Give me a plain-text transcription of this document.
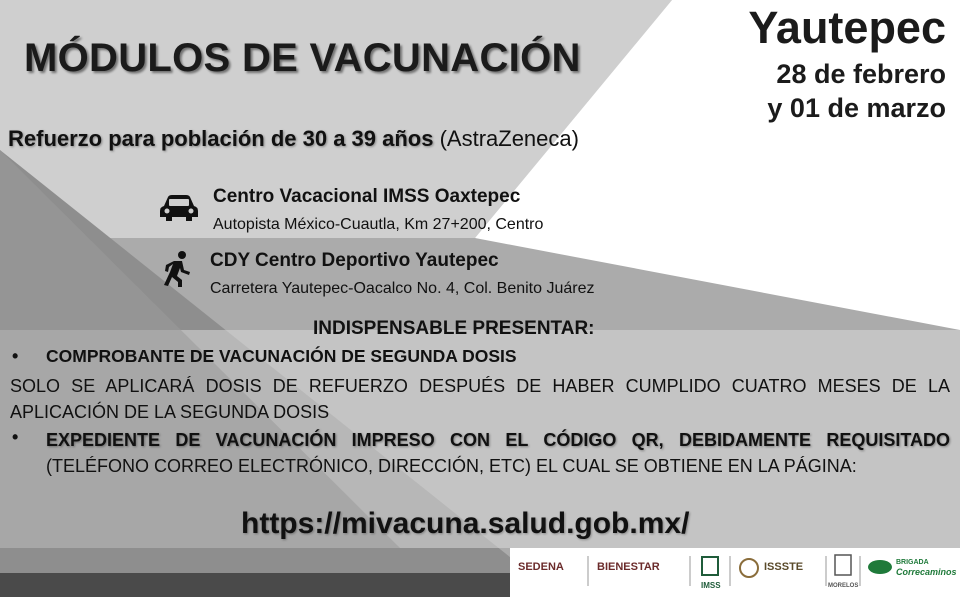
MÓDULOS DE VACUNACIÓN
Yautepec
28 de febrero
y 01 de marzo
Refuerzo para población de 30 a 39 años (AstraZeneca)
Centro Vacacional IMSS Oaxtepec
Autopista México-Cuautla, Km 27+200, Centro
CDY Centro Deportivo Yautepec
Carretera Yautepec-Oacalco No. 4, Col. Benito Juárez
INDISPENSABLE PRESENTAR:
• COMPROBANTE DE VACUNACIÓN DE SEGUNDA DOSIS
SOLO SE APLICARÁ DOSIS DE REFUERZO DESPUÉS DE HABER CUMPLIDO CUATRO MESES DE LA APLICACIÓN DE LA SEGUNDA DOSIS
• EXPEDIENTE DE VACUNACIÓN IMPRESO CON EL CÓDIGO QR, DEBIDAMENTE REQUISITADO (TELÉFONO CORREO ELECTRÓNICO, DIRECCIÓN, ETC) EL CUAL SE OBTIENE EN LA PÁGINA:
https://mivacuna.salud.gob.mx/
SEDENA	BIENESTAR
IMSS
ISSSTE
MORELOS
BRIGADA
Correcaminos
